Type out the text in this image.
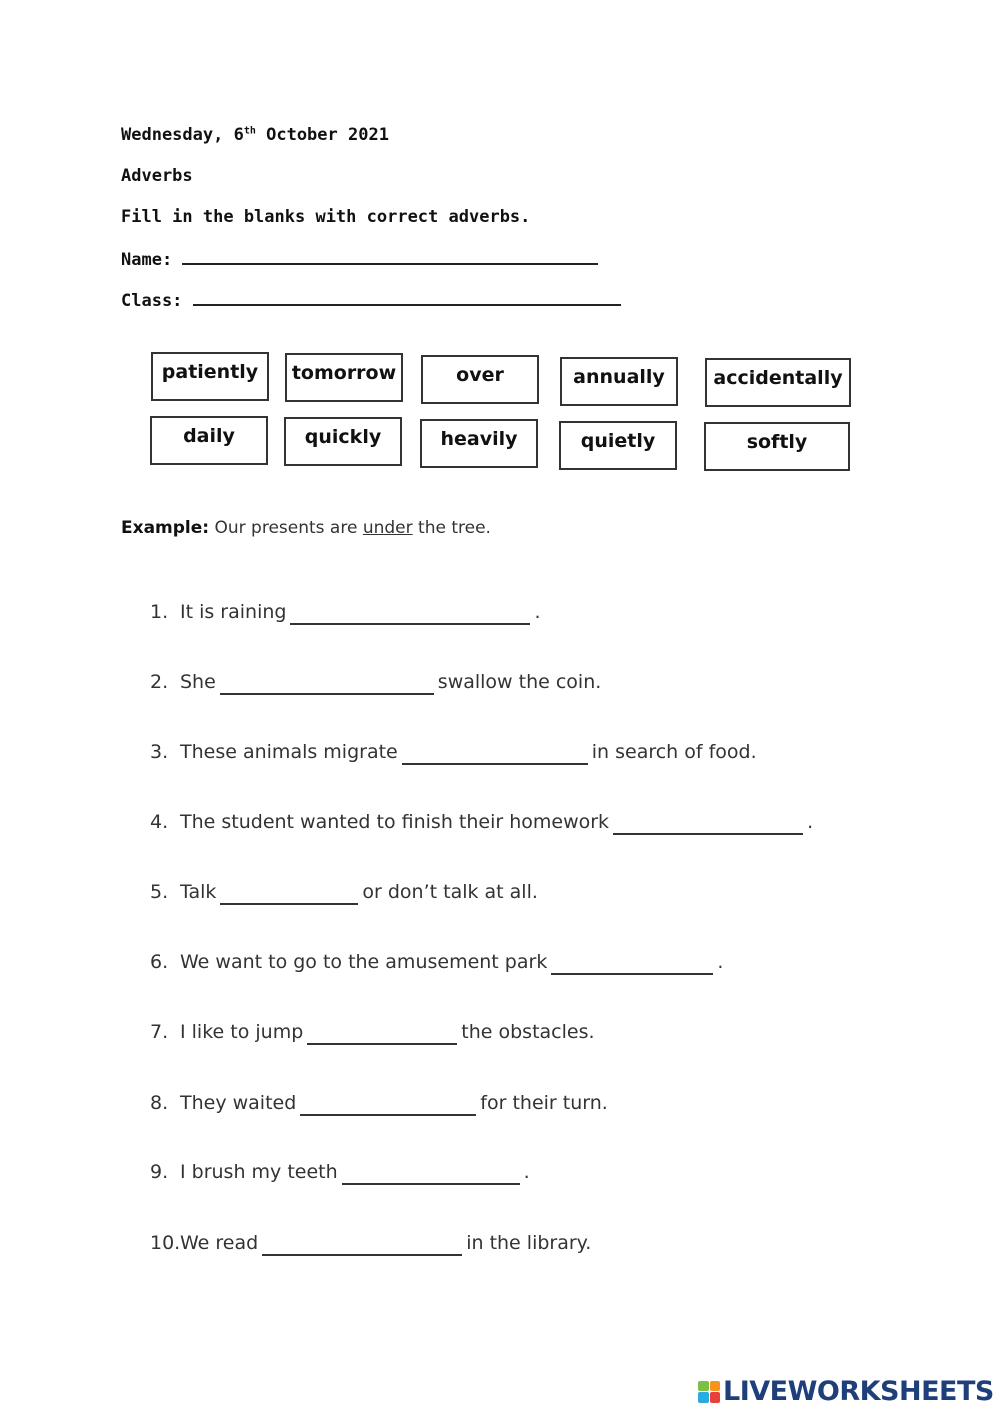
Wednesday, 6th October 2021
Adverbs
Fill in the blanks with correct adverbs.
Name:
Class:
patiently tomorrow	over	annually	accidentally
daily	quickly	heavily	quietly	softly
Example: Our presents are under the tree.
1. It is raining	.
2. She	swallow the coin.
3. These animals migrate	in search of food.
4. The student wanted to finish their homework	.
5. Talk	or don’t talk at all.
6. We want to go to the amusement park	.
7. I like to jump	the obstacles.
8. They waited	for their turn.
9. I brush my teeth	.
10.We read	in the library.
LIVEWORKSHEETS
